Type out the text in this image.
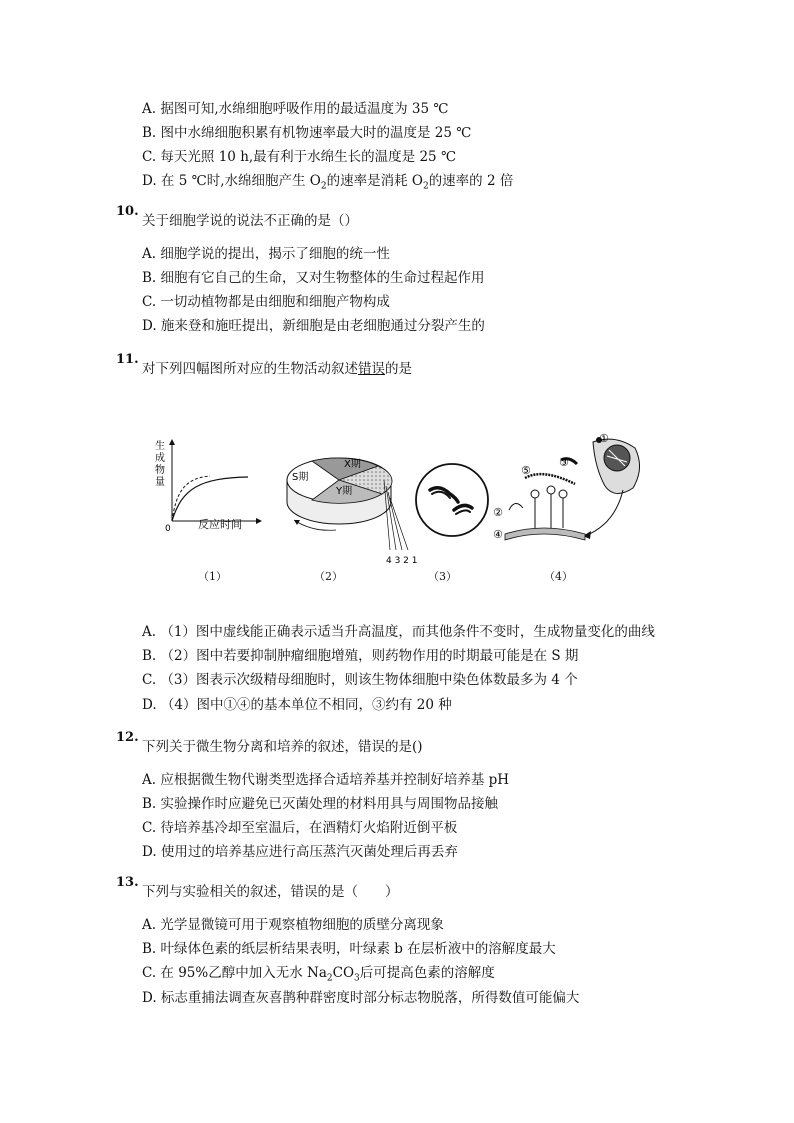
A. 据图可知,水绵细胞呼吸作用的最适温度为 35 ℃
B. 图中水绵细胞积累有机物速率最大时的温度是 25 ℃
C. 每天光照 10 h,最有利于水绵生长的温度是 25 ℃
D. 在 5 ℃时,水绵细胞产生 $O_2$的速率是消耗 $O_2$的速率的 2 倍
10.
关于细胞学说的说法不正确的是（）
A. 细胞学说的提出，揭示了细胞的统一性
B. 细胞有它自己的生命，又对生物整体的生命过程起作用
C. 一切动植物都是由细胞和细胞产物构成
D. 施来登和施旺提出，新细胞是由老细胞通过分裂产生的
11.
对下列四幅图所对应的生物活动叙述错误的是
生
成
物
量
0 反应时间
X期
S期
Y期
4 3 2 1
①
②
③
④
⑤
（1）	（2）	（3）	（4）
A. （1）图中虚线能正确表示适当升高温度，而其他条件不变时，生成物量变化的曲线
B. （2）图中若要抑制肿瘤细胞增殖，则药物作用的时期最可能是在 S 期
C. （3）图表示次级精母细胞时，则该生物体细胞中染色体数最多为 4 个
D. （4）图中①④的基本单位不相同，③约有 20 种
12.
下列关于微生物分离和培养的叙述，错误的是()
A. 应根据微生物代谢类型选择合适培养基并控制好培养基 pH
B. 实验操作时应避免已灭菌处理的材料用具与周围物品接触
C. 待培养基冷却至室温后，在酒精灯火焰附近倒平板
D. 使用过的培养基应进行高压蒸汽灭菌处理后再丢弃
13.
下列与实验相关的叙述，错误的是（　　）
A. 光学显微镜可用于观察植物细胞的质壁分离现象
B. 叶绿体色素的纸层析结果表明，叶绿素 b 在层析液中的溶解度最大
C. 在 95%乙醇中加入无水 $Na_2CO_3$后可提高色素的溶解度
D. 标志重捕法调查灰喜鹊种群密度时部分标志物脱落，所得数值可能偏大
